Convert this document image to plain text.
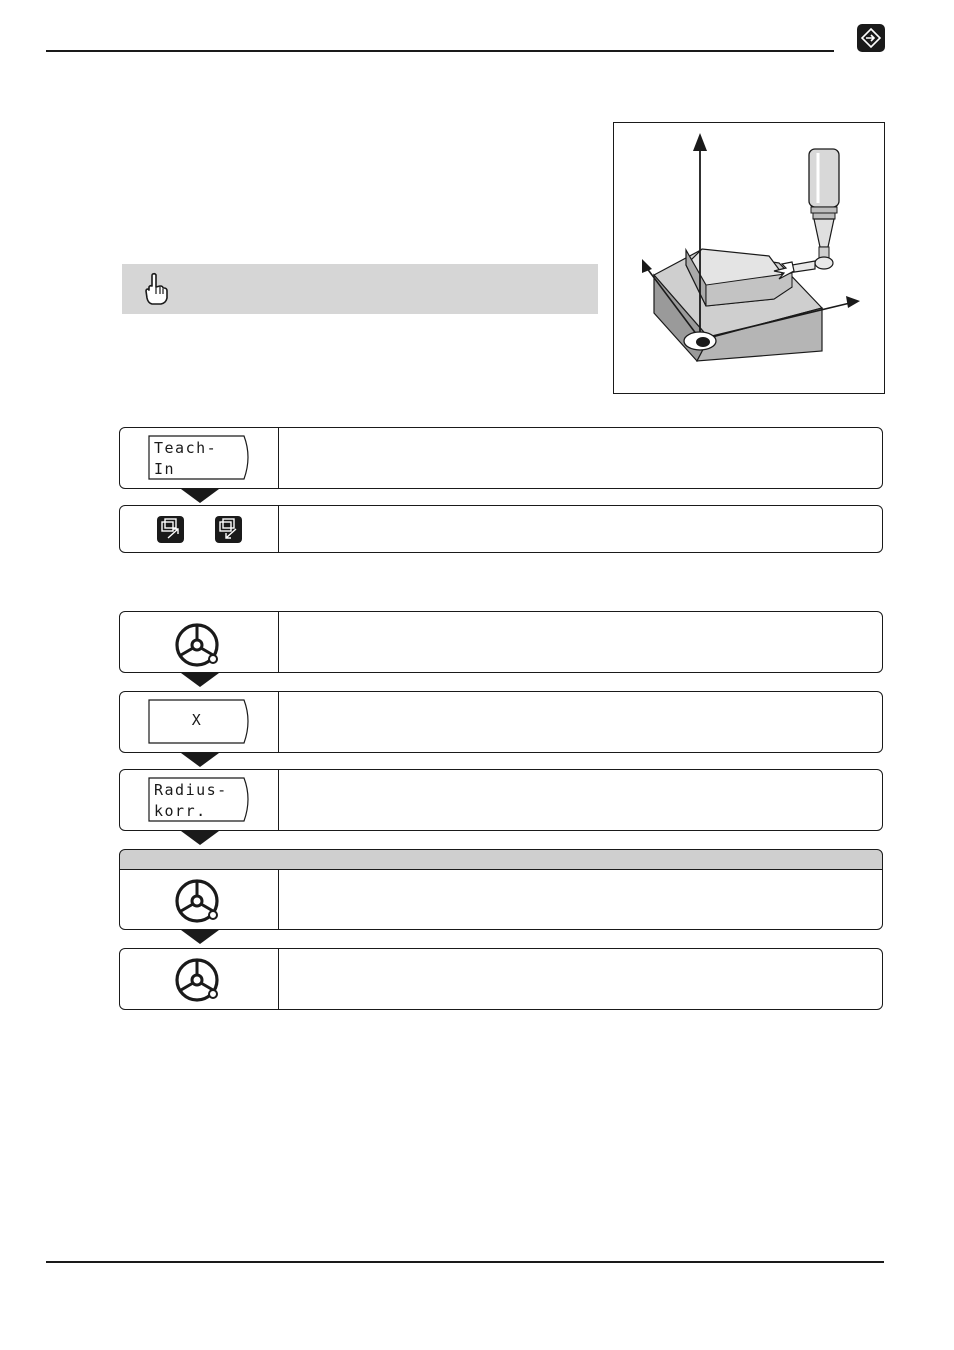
Teach-
In
X
Radius-
korr.
